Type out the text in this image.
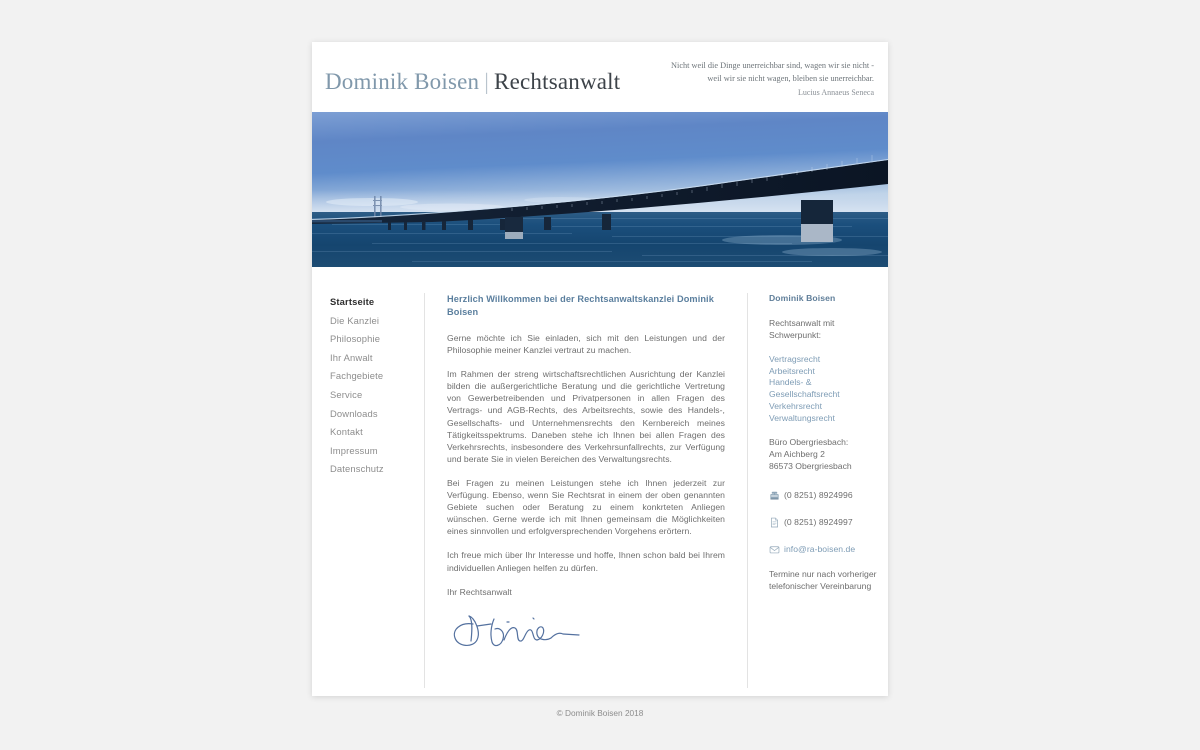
Dominik Boisen | Rechtsanwalt
Nicht weil die Dinge unerreichbar sind, wagen wir sie nicht -
weil wir sie nicht wagen, bleiben sie unerreichbar.
Lucius Annaeus Seneca
Startseite
Die Kanzlei
Philosophie
Ihr Anwalt
Fachgebiete
Service
Downloads
Kontakt
Impressum
Datenschutz
Herzlich Willkommen bei der Rechtsanwaltskanzlei Dominik Boisen

Gerne möchte ich Sie einladen, sich mit den Leistungen und der Philosophie meiner Kanzlei vertraut zu machen.

Im Rahmen der streng wirtschaftsrechtlichen Ausrichtung der Kanzlei bilden die außergerichtliche Beratung und die gerichtliche Vertretung von Gewerbetreibenden und Privatpersonen in allen Fragen des Vertrags- und AGB-Rechts, des Arbeitsrechts, sowie des Handels-, Gesellschafts- und Unternehmensrechts den Kernbereich meines Tätigkeitsspektrums. Daneben stehe ich Ihnen bei allen Fragen des Verkehrsrechts, insbesondere des Verkehrsunfallrechts, zur Verfügung und berate Sie in vielen Bereichen des Verwaltungsrechts.

Bei Fragen zu meinen Leistungen stehe ich Ihnen jederzeit zur Verfügung. Ebenso, wenn Sie Rechtsrat in einem der oben genannten Gebiete suchen oder Beratung zu einem konkrteten Anliegen wünschen. Gerne werde ich mit Ihnen gemeinsam die Möglichkeiten eines sinnvollen und erfolgversprechenden Vorgehens erörtern.

Ich freue mich über Ihr Interesse und hoffe, Ihnen schon bald bei Ihrem individuellen Anliegen helfen zu dürfen.

Ihr Rechtsanwalt

Dominik Boisen
Rechtsanwalt mit Schwerpunkt:
Vertragsrecht
Arbeitsrecht
Handels- & Gesellschaftsrecht
Verkehrsrecht
Verwaltungsrecht
Büro Obergriesbach:
Am Aichberg 2
86573 Obergriesbach
(0 8251) 8924996
(0 8251) 8924997
info@ra-boisen.de
Termine nur nach vorheriger
telefonischer Vereinbarung
© Dominik Boisen 2018
